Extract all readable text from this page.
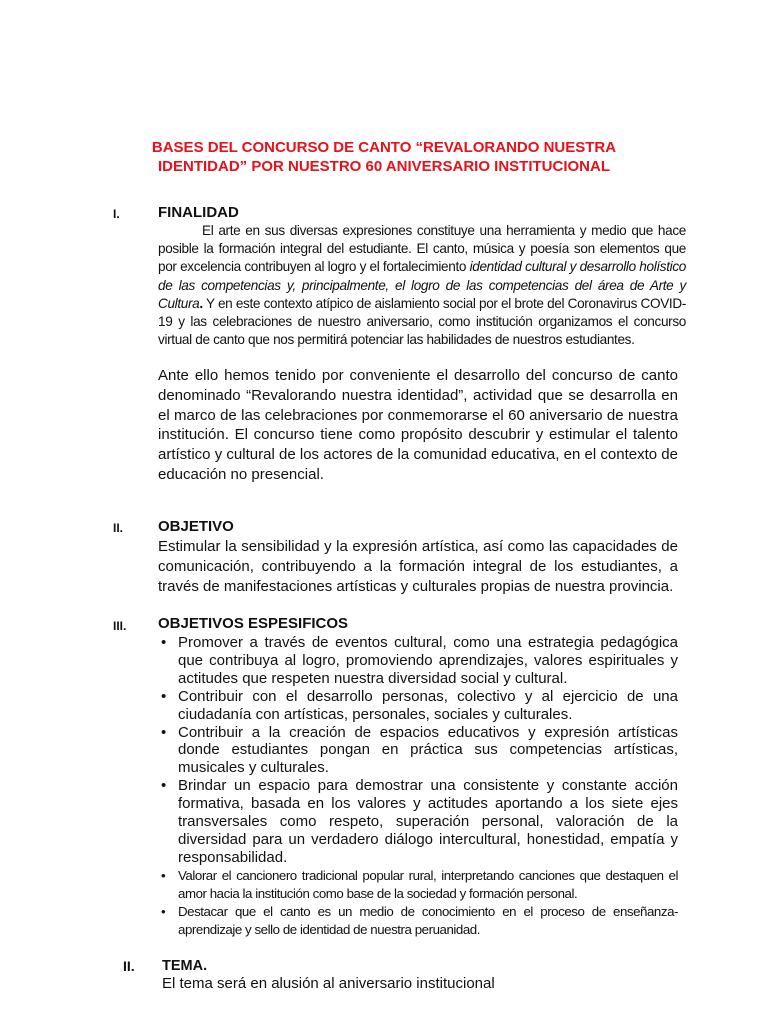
BASES DEL CONCURSO DE CANTO “REVALORANDO NUESTRA IDENTIDAD” POR NUESTRO 60 ANIVERSARIO INSTITUCIONAL
I.	FINALIDAD
El arte en sus diversas expresiones constituye una herramienta y medio que hace posible la formación integral del estudiante. El canto, música y poesía son elementos que por excelencia contribuyen al logro y el fortalecimiento identidad cultural y desarrollo holístico de las competencias y, principalmente, el logro de las competencias del área de Arte y Cultura. Y en este contexto atípico de aislamiento social por el brote del Coronavirus COVID-19 y las celebraciones de nuestro aniversario, como institución organizamos el concurso virtual de canto que nos permitirá potenciar las habilidades de nuestros estudiantes.
Ante ello hemos tenido por conveniente el desarrollo del concurso de canto denominado “Revalorando nuestra identidad”, actividad que se desarrolla en el marco de las celebraciones por conmemorarse el 60 aniversario de nuestra institución. El concurso tiene como propósito descubrir y estimular el talento artístico y cultural de los actores de la comunidad educativa, en el contexto de educación no presencial.
II. OBJETIVO
Estimular la sensibilidad y la expresión artística, así como las capacidades de comunicación, contribuyendo a la formación integral de los estudiantes, a través de manifestaciones artísticas y culturales propias de nuestra provincia.
III. OBJETIVOS ESPESIFICOS
• Promover a través de eventos cultural, como una estrategia pedagógica que contribuya al logro, promoviendo aprendizajes, valores espirituales y actitudes que respeten nuestra diversidad social y cultural.
• Contribuir con el desarrollo personas, colectivo y al ejercicio de una ciudadanía con artísticas, personales, sociales y culturales.
• Contribuir a la creación de espacios educativos y expresión artísticas donde estudiantes pongan en práctica sus competencias artísticas, musicales y culturales.
• Brindar un espacio para demostrar una consistente y constante acción formativa, basada en los valores y actitudes aportando a los siete ejes transversales como respeto, superación personal, valoración de la diversidad para un verdadero diálogo intercultural, honestidad, empatía y responsabilidad.
• Valorar el cancionero tradicional popular rural, interpretando canciones que destaquen el amor hacia la institución como base de la sociedad y formación personal.
• Destacar que el canto es un medio de conocimiento en el proceso de enseñanza-aprendizaje y sello de identidad de nuestra peruanidad.
II. TEMA.
El tema será en alusión al aniversario institucional
